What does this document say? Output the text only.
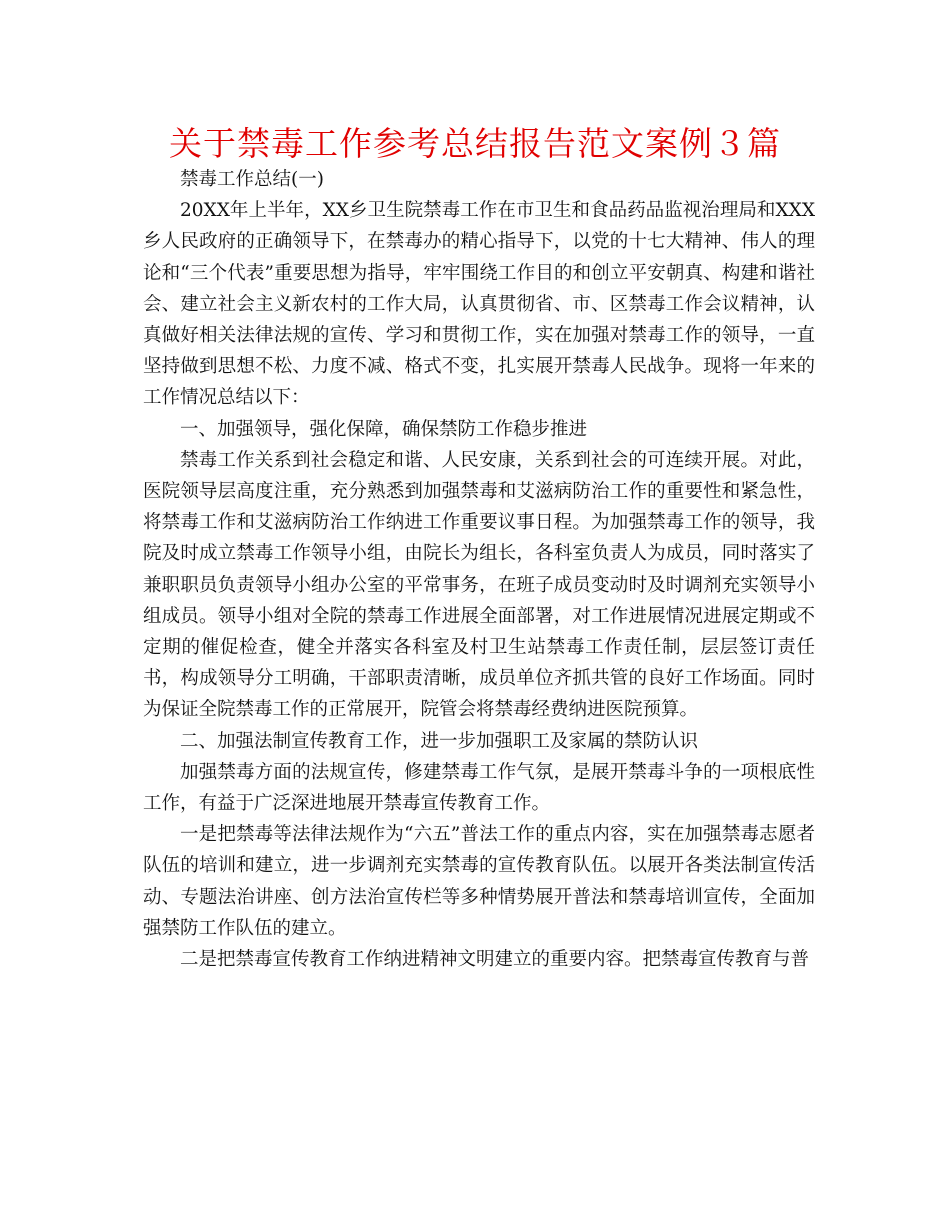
关于禁毒工作参考总结报告范文案例３篇

禁毒工作总结(一)

20XX年上半年，XX乡卫生院禁毒工作在市卫生和食品药品监视治理局和XXX乡人民政府的正确领导下，在禁毒办的精心指导下，以党的十七大精神、伟人的理论和“三个代表”重要思想为指导，牢牢围绕工作目的和创立平安朝真、构建和谐社会、建立社会主义新农村的工作大局，认真贯彻省、市、区禁毒工作会议精神，认真做好相关法律法规的宣传、学习和贯彻工作，实在加强对禁毒工作的领导，一直坚持做到思想不松、力度不减、格式不变，扎实展开禁毒人民战争。现将一年来的工作情况总结以下：

一、加强领导，强化保障，确保禁防工作稳步推进

禁毒工作关系到社会稳定和谐、人民安康，关系到社会的可连续开展。对此，医院领导层高度注重，充分熟悉到加强禁毒和艾滋病防治工作的重要性和紧急性，将禁毒工作和艾滋病防治工作纳进工作重要议事日程。为加强禁毒工作的领导，我院及时成立禁毒工作领导小组，由院长为组长，各科室负责人为成员，同时落实了兼职职员负责领导小组办公室的平常事务，在班子成员变动时及时调剂充实领导小组成员。领导小组对全院的禁毒工作进展全面部署，对工作进展情况进展定期或不定期的催促检查，健全并落实各科室及村卫生站禁毒工作责任制，层层签订责任书，构成领导分工明确，干部职责清晰，成员单位齐抓共管的良好工作场面。同时为保证全院禁毒工作的正常展开，院管会将禁毒经费纳进医院预算。

二、加强法制宣传教育工作，进一步加强职工及家属的禁防认识

加强禁毒方面的法规宣传，修建禁毒工作气氛，是展开禁毒斗争的一项根底性工作，有益于广泛深进地展开禁毒宣传教育工作。

一是把禁毒等法律法规作为“六五”普法工作的重点内容，实在加强禁毒志愿者队伍的培训和建立，进一步调剂充实禁毒的宣传教育队伍。以展开各类法制宣传活动、专题法治讲座、创方法治宣传栏等多种情势展开普法和禁毒培训宣传，全面加强禁防工作队伍的建立。

二是把禁毒宣传教育工作纳进精神文明建立的重要内容。把禁毒宣传教育与普
